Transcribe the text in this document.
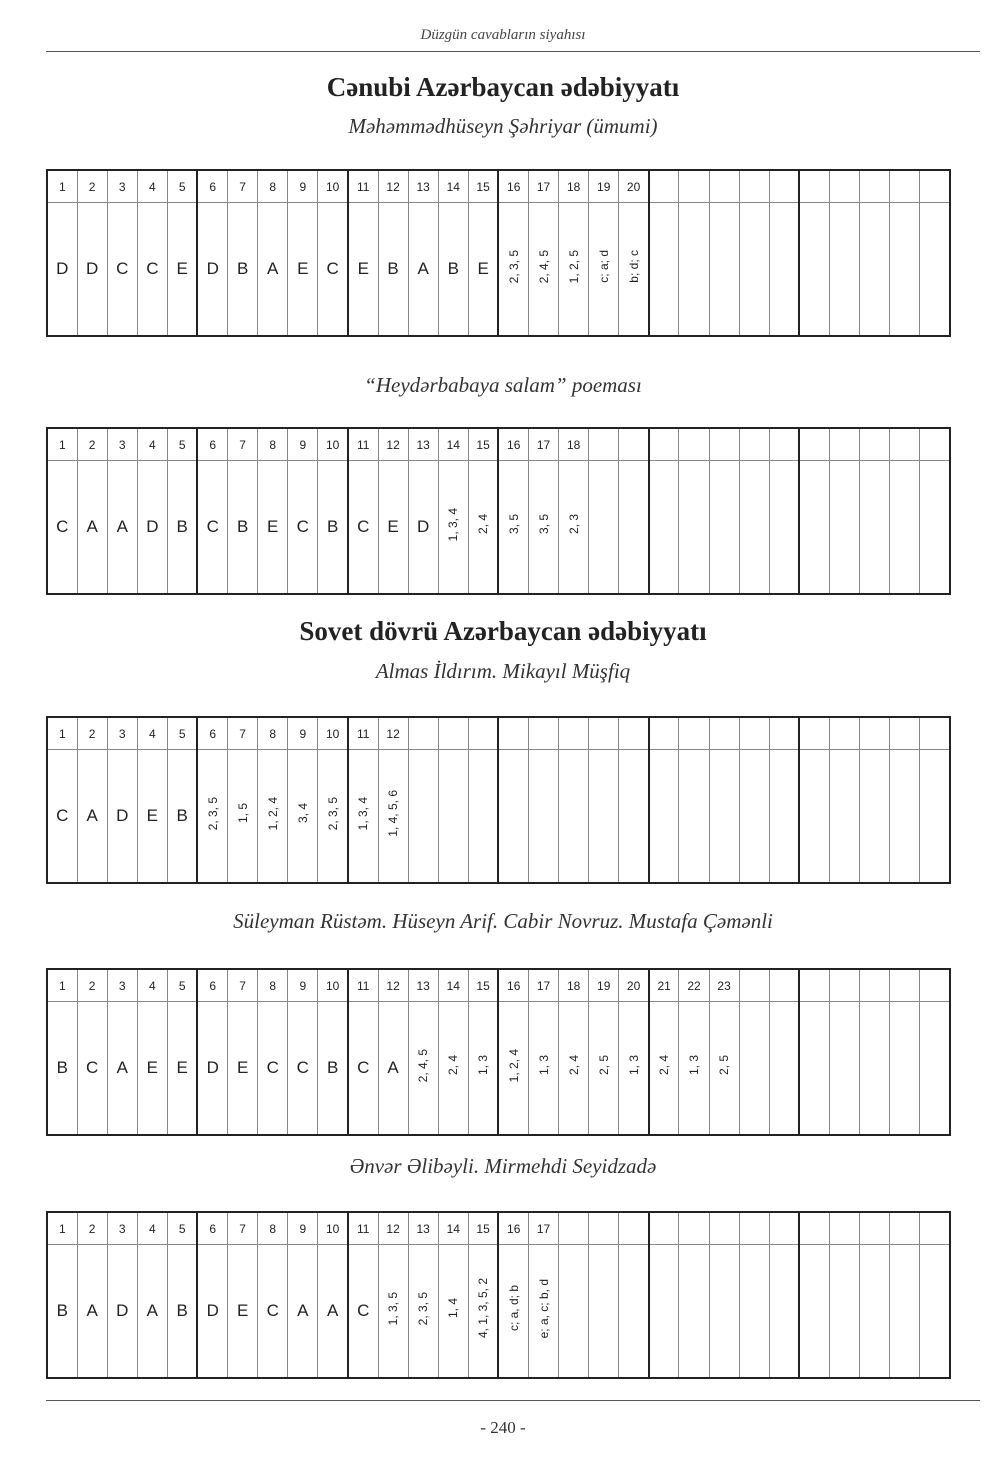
Düzgün cavabların siyahısı
Cənubi Azərbaycan ədəbiyyatı
Məhəmmədhüseyn Şəhriyar (ümumi)
1	2	3	4	5	6	7	8	9	10	11	12	13	14	15	16	17	18	19	20										
D	D	C	C	E	D	B	A	E	C	E	B	A	B	E	2, 3, 5	2, 4, 5	1, 2, 5	c; a; d	b; d; c										
“Heydərbabaya salam” poeması
1	2	3	4	5	6	7	8	9	10	11	12	13	14	15	16	17	18												
C	A	A	D	B	C	B	E	C	B	C	E	D	1, 3, 4	2, 4	3, 5	3, 5	2, 3												
Sovet dövrü Azərbaycan ədəbiyyatı
Almas İldırım. Mikayıl Müşfiq
1	2	3	4	5	6	7	8	9	10	11	12																		
C	A	D	E	B	2, 3, 5	1, 5	1, 2, 4	3, 4	2, 3, 5	1, 3, 4	1, 4, 5, 6																		
Süleyman Rüstəm. Hüseyn Arif. Cabir Novruz. Mustafa Çəmənli
1	2	3	4	5	6	7	8	9	10	11	12	13	14	15	16	17	18	19	20	21	22	23							
B	C	A	E	E	D	E	C	C	B	C	A	2, 4, 5	2, 4	1, 3	1, 2, 4	1, 3	2, 4	2, 5	1, 3	2, 4	1, 3	2, 5							
Ənvər Əlibəyli. Mirmehdi Seyidzadə
1	2	3	4	5	6	7	8	9	10	11	12	13	14	15	16	17													
B	A	D	A	B	D	E	C	A	A	C	1, 3, 5	2, 3, 5	1, 4	4, 1, 3, 5, 2	c; a, d; b	e; a, c; b, d													
- 240 -
